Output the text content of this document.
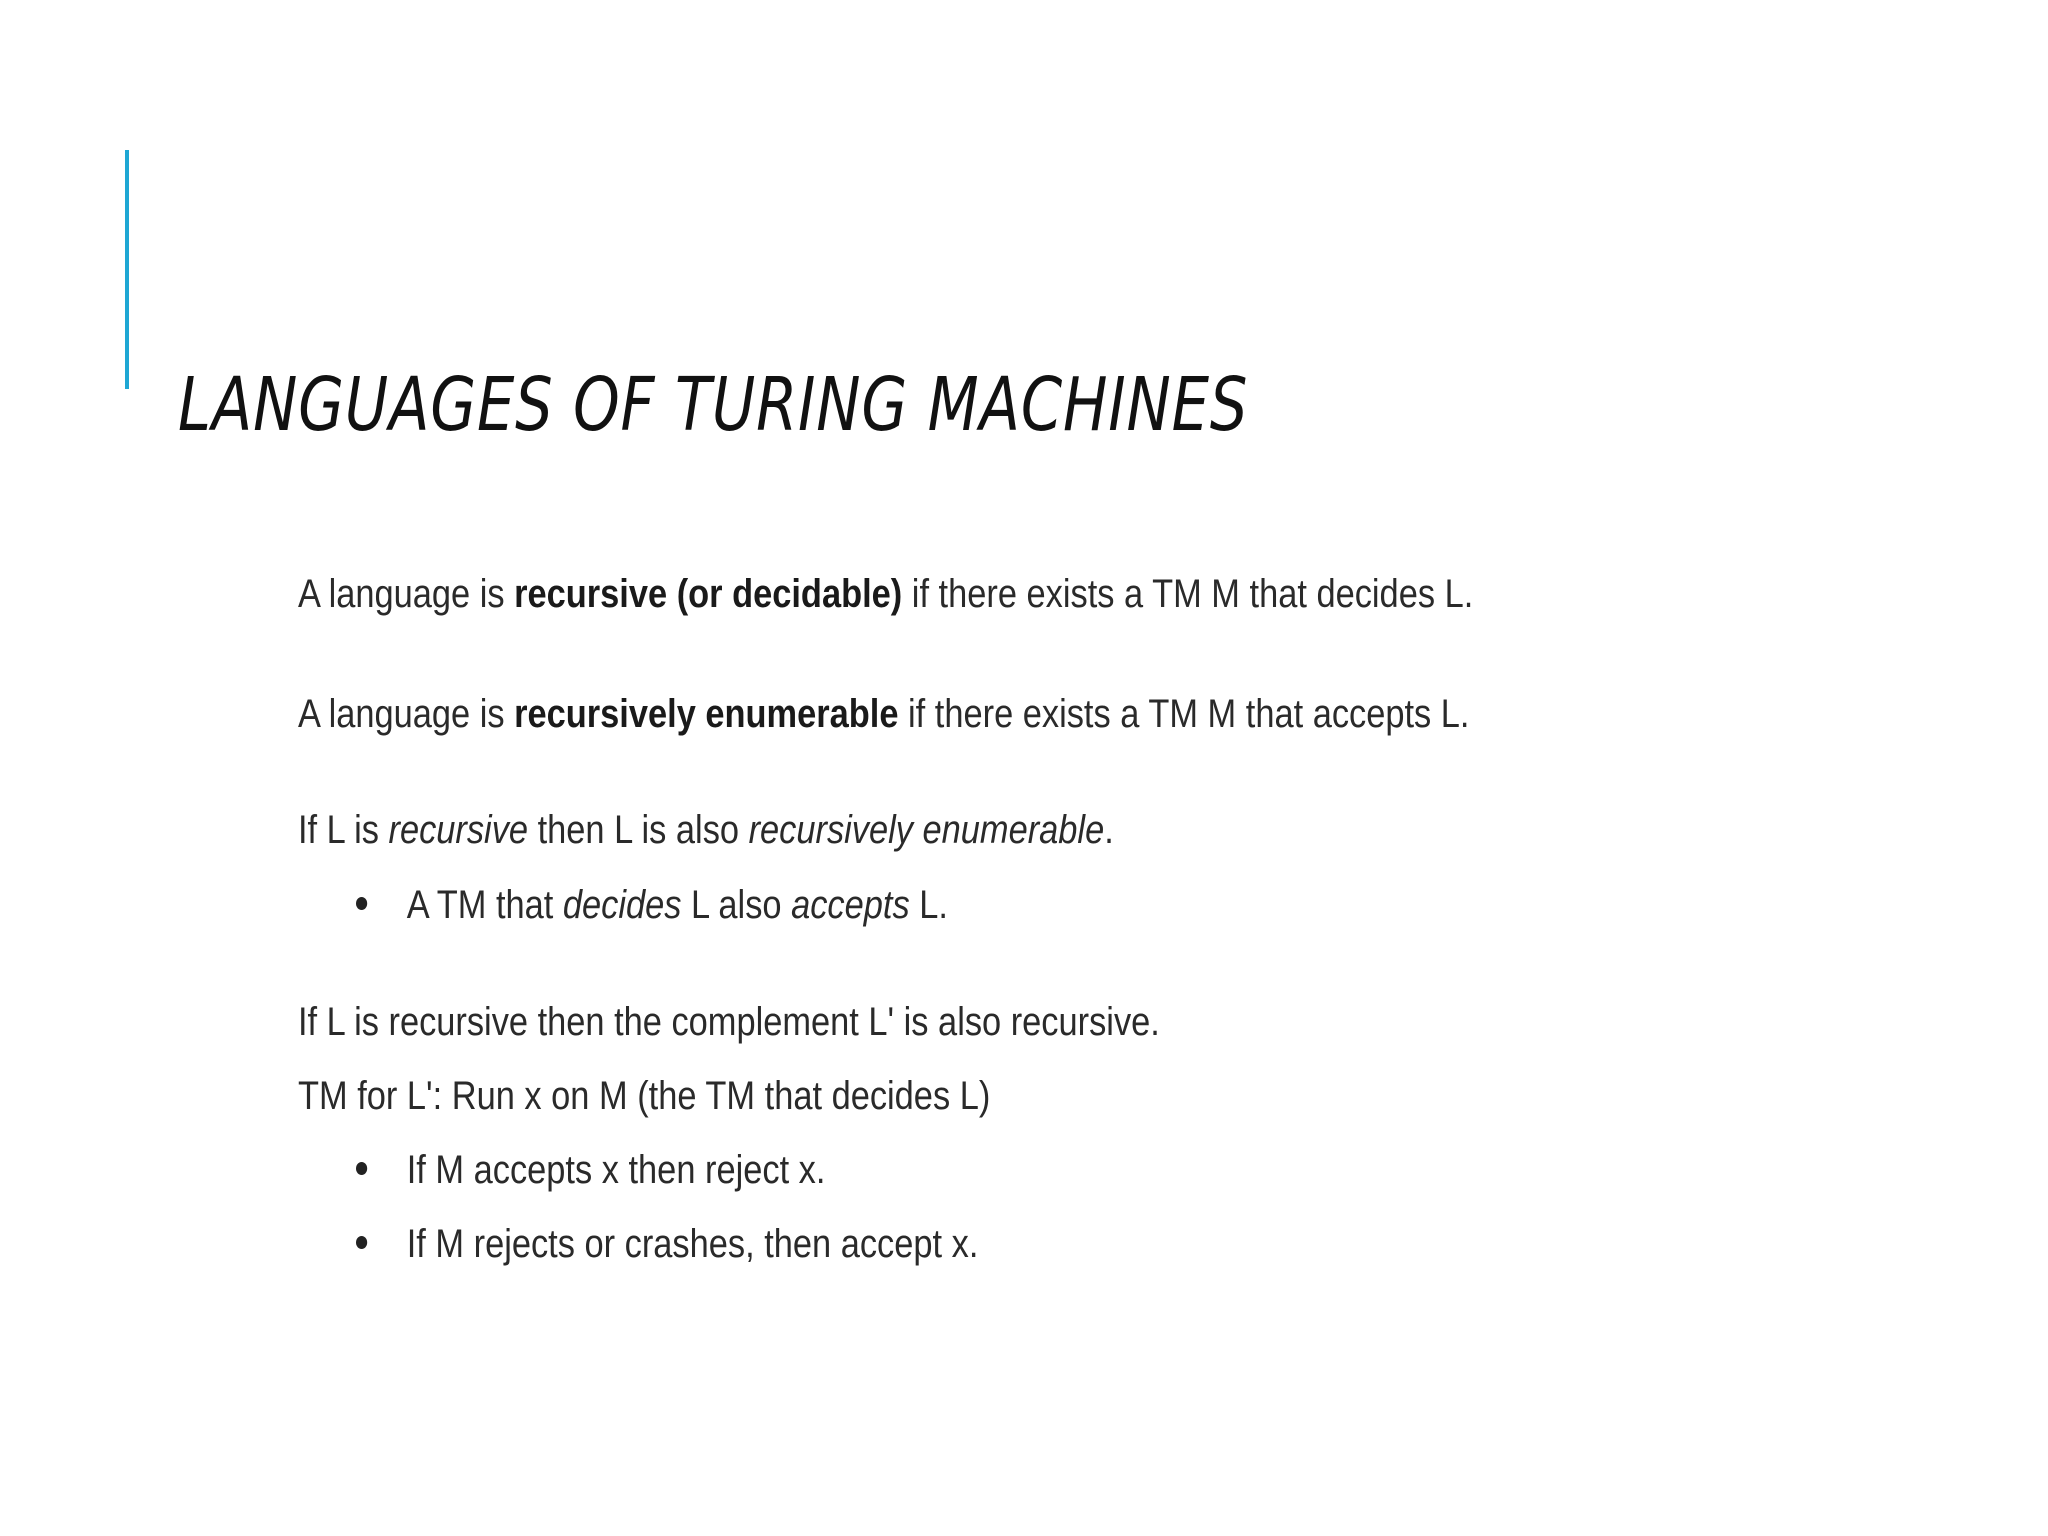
LANGUAGES OF TURING MACHINES
A language is recursive (or decidable) if there exists a TM M that decides L.
A language is recursively enumerable if there exists a TM M that accepts L.
If L is recursive then L is also recursively enumerable.
A TM that decides L also accepts L.
If L is recursive then the complement L' is also recursive.
TM for L': Run x on M (the TM that decides L)
If M accepts x then reject x.
If M rejects or crashes, then accept x.
